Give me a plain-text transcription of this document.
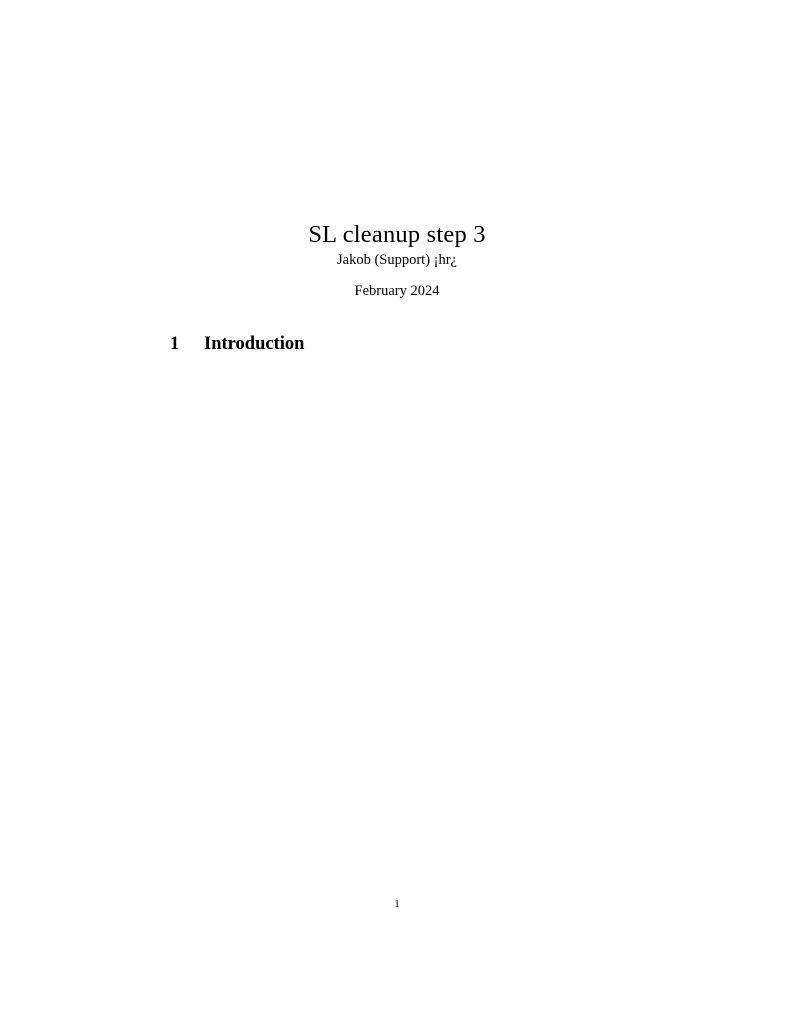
SL cleanup step 3
Jakob (Support) ¡hr¿
February 2024
1 Introduction
1
